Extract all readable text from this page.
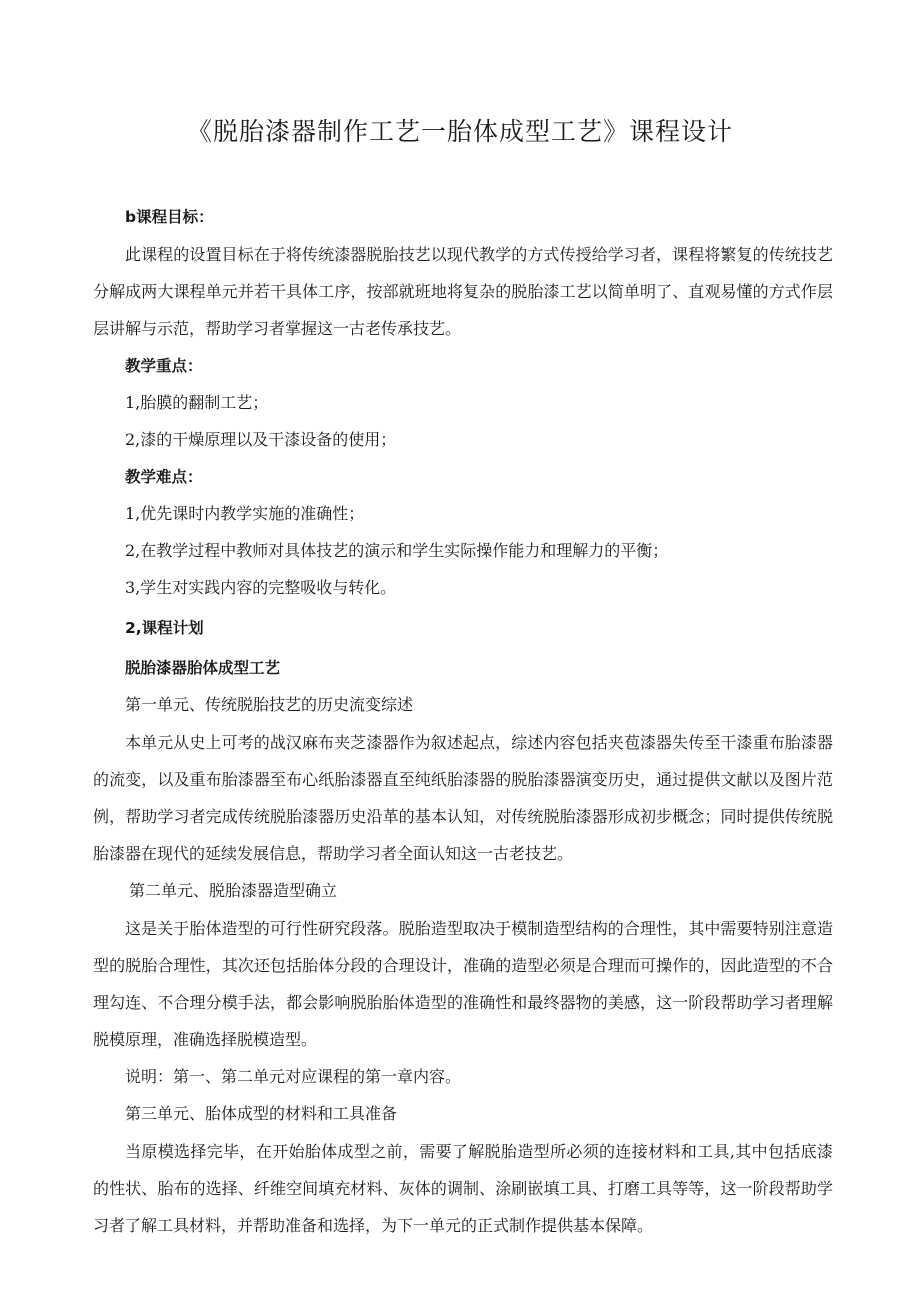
《脱胎漆器制作工艺一胎体成型工艺》课程设计

b课程目标：

此课程的设置目标在于将传统漆器脱胎技艺以现代教学的方式传授给学习者，课程将繁复的传统技艺分解成两大课程单元并若干具体工序，按部就班地将复杂的脱胎漆工艺以简单明了、直观易懂的方式作层层讲解与示范，帮助学习者掌握这一古老传承技艺。

教学重点：

1,胎膜的翻制工艺；

2,漆的干燥原理以及干漆设备的使用；

教学难点：

1,优先课时内教学实施的准确性；

2,在教学过程中教师对具体技艺的演示和学生实际操作能力和理解力的平衡；

3,学生对实践内容的完整吸收与转化。

2,课程计划

脱胎漆器胎体成型工艺

第一单元、传统脱胎技艺的历史流变综述

本单元从史上可考的战汉麻布夹芝漆器作为叙述起点，综述内容包括夹苞漆器失传至干漆重布胎漆器的流变，以及重布胎漆器至布心纸胎漆器直至纯纸胎漆器的脱胎漆器演变历史，通过提供文献以及图片范例，帮助学习者完成传统脱胎漆器历史沿革的基本认知，对传统脱胎漆器形成初步概念；同时提供传统脱胎漆器在现代的延续发展信息，帮助学习者全面认知这一古老技艺。

第二单元、脱胎漆器造型确立

这是关于胎体造型的可行性研究段落。脱胎造型取决于模制造型结构的合理性，其中需要特别注意造型的脱胎合理性，其次还包括胎体分段的合理设计，准确的造型必须是合理而可操作的，因此造型的不合理勾连、不合理分模手法，都会影响脱胎胎体造型的准确性和最终器物的美感，这一阶段帮助学习者理解脱模原理，准确选择脱模造型。

说明：第一、第二单元对应课程的第一章内容。

第三单元、胎体成型的材料和工具准备

当原模选择完毕，在开始胎体成型之前，需要了解脱胎造型所必须的连接材料和工具,其中包括底漆的性状、胎布的选择、纤维空间填充材料、灰体的调制、涂刷嵌填工具、打磨工具等等，这一阶段帮助学习者了解工具材料，并帮助准备和选择，为下一单元的正式制作提供基本保障。
